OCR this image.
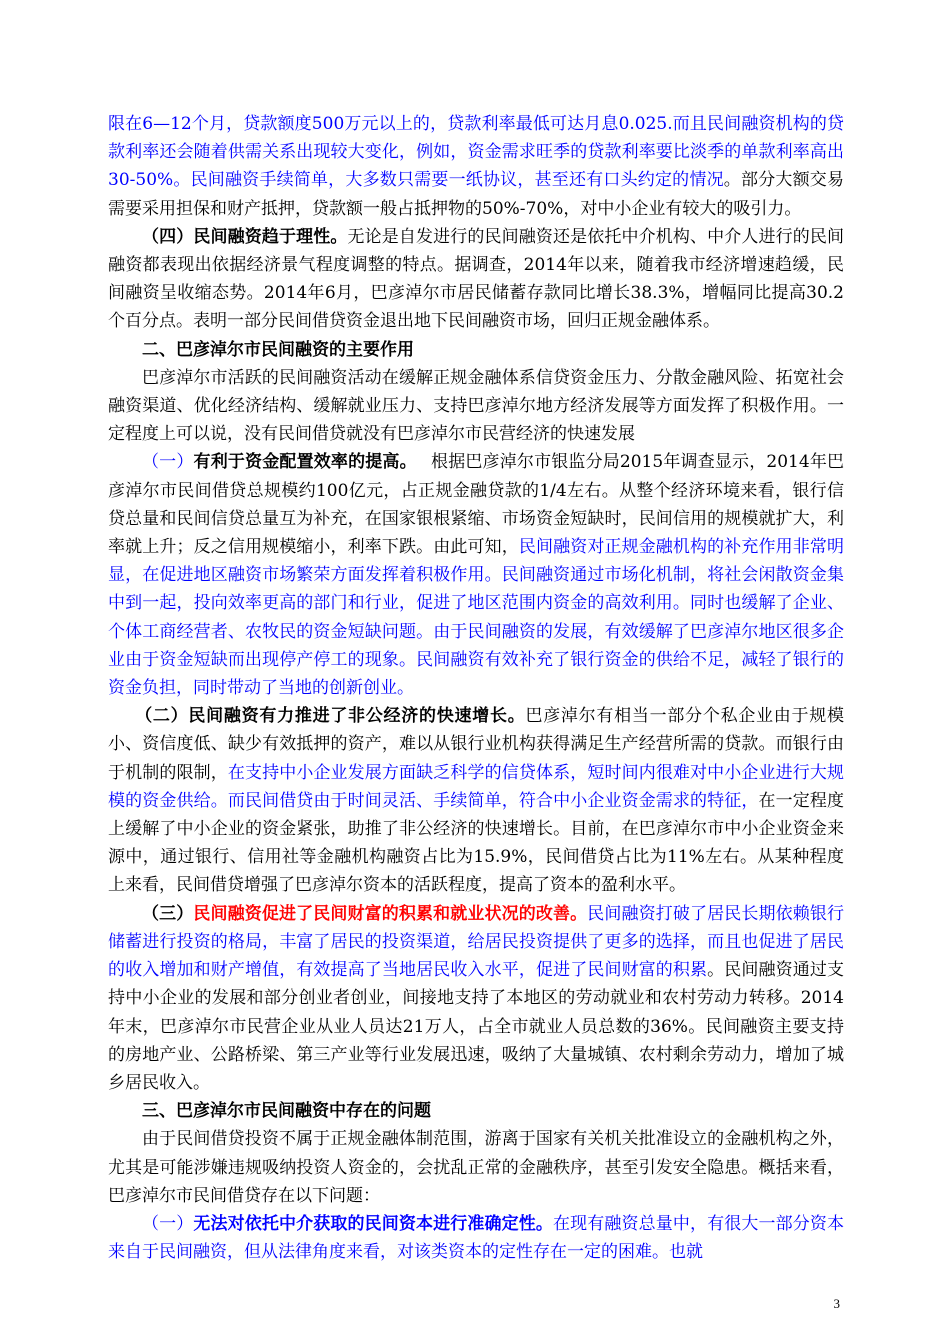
限在6—12个月，贷款额度500万元以上的，贷款利率最低可达月息0.025.而且民间融资机构的贷款利率还会随着供需关系出现较大变化，例如，资金需求旺季的贷款利率要比淡季的单款利率高出30-50%。民间融资手续简单，大多数只需要一纸协议，甚至还有口头约定的情况。部分大额交易需要采用担保和财产抵押，贷款额一般占抵押物的50%-70%，对中小企业有较大的吸引力。

（四）民间融资趋于理性。无论是自发进行的民间融资还是依托中介机构、中介人进行的民间融资都表现出依据经济景气程度调整的特点。据调查，2014年以来，随着我市经济增速趋缓，民间融资呈收缩态势。2014年6月，巴彦淖尔市居民储蓄存款同比增长38.3%，增幅同比提高30.2个百分点。表明一部分民间借贷资金退出地下民间融资市场，回归正规金融体系。

二、巴彦淖尔市民间融资的主要作用

巴彦淖尔市活跃的民间融资活动在缓解正规金融体系信贷资金压力、分散金融风险、拓宽社会融资渠道、优化经济结构、缓解就业压力、支持巴彦淖尔地方经济发展等方面发挥了积极作用。一定程度上可以说，没有民间借贷就没有巴彦淖尔市民营经济的快速发展

（一）有利于资金配置效率的提高。　 根据巴彦淖尔市银监分局2015年调查显示，2014年巴彦淖尔市民间借贷总规模约100亿元，占正规金融贷款的1/4左右。从整个经济环境来看，银行信贷总量和民间信贷总量互为补充，在国家银根紧缩、市场资金短缺时，民间信用的规模就扩大，利率就上升；反之信用规模缩小，利率下跌。由此可知，民间融资对正规金融机构的补充作用非常明显，在促进地区融资市场繁荣方面发挥着积极作用。民间融资通过市场化机制，将社会闲散资金集中到一起，投向效率更高的部门和行业，促进了地区范围内资金的高效利用。同时也缓解了企业、个体工商经营者、农牧民的资金短缺问题。由于民间融资的发展，有效缓解了巴彦淖尔地区很多企业由于资金短缺而出现停产停工的现象。民间融资有效补充了银行资金的供给不足，减轻了银行的资金负担，同时带动了当地的创新创业。

（二）民间融资有力推进了非公经济的快速增长。巴彦淖尔有相当一部分个私企业由于规模小、资信度低、缺少有效抵押的资产，难以从银行业机构获得满足生产经营所需的贷款。而银行由于机制的限制，在支持中小企业发展方面缺乏科学的信贷体系，短时间内很难对中小企业进行大规模的资金供给。而民间借贷由于时间灵活、手续简单，符合中小企业资金需求的特征，在一定程度上缓解了中小企业的资金紧张，助推了非公经济的快速增长。目前，在巴彦淖尔市中小企业资金来源中，通过银行、信用社等金融机构融资占比为15.9%，民间借贷占比为11%左右。从某种程度上来看，民间借贷增强了巴彦淖尔资本的活跃程度，提高了资本的盈利水平。

（三）民间融资促进了民间财富的积累和就业状况的改善。民间融资打破了居民长期依赖银行储蓄进行投资的格局，丰富了居民的投资渠道，给居民投资提供了更多的选择，而且也促进了居民的收入增加和财产增值，有效提高了当地居民收入水平，促进了民间财富的积累。民间融资通过支持中小企业的发展和部分创业者创业，间接地支持了本地区的劳动就业和农村劳动力转移。2014年末，巴彦淖尔市民营企业从业人员达21万人，占全市就业人员总数的36%。民间融资主要支持的房地产业、公路桥梁、第三产业等行业发展迅速，吸纳了大量城镇、农村剩余劳动力，增加了城乡居民收入。

三、巴彦淖尔市民间融资中存在的问题

由于民间借贷投资不属于正规金融体制范围，游离于国家有关机关批准设立的金融机构之外，尤其是可能涉嫌违规吸纳投资人资金的，会扰乱正常的金融秩序，甚至引发安全隐患。概括来看，巴彦淖尔市民间借贷存在以下问题：

（一）无法对依托中介获取的民间资本进行准确定性。在现有融资总量中，有很大一部分资本来自于民间融资，但从法律角度来看，对该类资本的定性存在一定的困难。也就

3
